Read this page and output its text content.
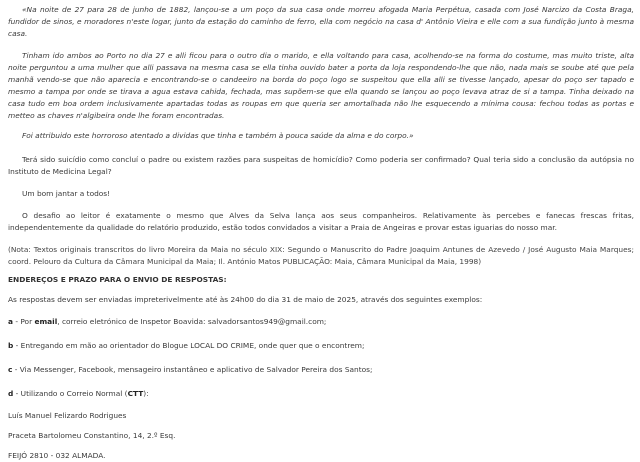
«Na noite de 27 para 28 de junho de 1882, lançou-se a um poço da sua casa onde morreu afogada Maria Perpétua, casada com José Narcizo da Costa Braga, fundidor de sinos, e moradores n'este logar, junto da estação do caminho de ferro, ella com negócio na casa d' Antônio Vieira e elle com a sua fundição junto à mesma casa.

Tinham ido ambos ao Porto no dia 27 e alli ficou para o outro dia o marido, e ella voltando para casa, acolhendo-se na forma do costume, mas muito triste, alta noite perguntou a uma mulher que alli passava na mesma casa se ella tinha ouvido bater a porta da loja respondendo-lhe que não, nada mais se soube até que pela manhã vendo-se que não aparecia e encontrando-se o candeeiro na borda do poço logo se suspeitou que ella alli se tivesse lançado, apesar do poço ser tapado e mesmo a tampa por onde se tirava a agua estava cahida, fechada, mas supõem-se que ella quando se lançou ao poço levava atraz de si a tampa. Tinha deixado na casa tudo em boa ordem inclusivamente apartadas todas as roupas em que queria ser amortalhada não lhe esquecendo a mínima cousa: fechou todas as portas e metteo as chaves n'algibeira onde lhe foram encontradas.

Foi attribuido este horroroso atentado a dividas que tinha e também à pouca saúde da alma e do corpo.»

Terá sido suicídio como concluí o padre ou existem razões para suspeitas de homicídio? Como poderia ser confirmado? Qual teria sido a conclusão da autópsia no Instituto de Medicina Legal?

Um bom jantar a todos!

O desafio ao leitor é exatamente o mesmo que Alves da Selva lança aos seus companheiros. Relativamente às percebes e fanecas frescas fritas, independentemente da qualidade do relatório produzido, estão todos convidados a visitar a Praia de Angeiras e provar estas iguarias do nosso mar.

(Nota: Textos originais transcritos do livro Moreira da Maia no século XIX: Segundo o Manuscrito do Padre Joaquim Antunes de Azevedo / José Augusto Maia Marques; coord. Pelouro da Cultura da Câmara Municipal da Maia; Il. António Matos PUBLICAÇÃO: Maia, Câmara Municipal da Maia, 1998)

ENDEREÇOS E PRAZO PARA O ENVIO DE RESPOSTAS:

As respostas devem ser enviadas impreterivelmente até às 24h00 do dia 31 de maio de 2025, através dos seguintes exemplos:

a - Por email, correio eletrónico de Inspetor Boavida: salvadorsantos949@gmail.com;

b - Entregando em mão ao orientador do Blogue LOCAL DO CRIME, onde quer que o encontrem;

c - Via Messenger, Facebook, mensageiro instantâneo e aplicativo de Salvador Pereira dos Santos;

d - Utilizando o Correio Normal (CTT):

Luís Manuel Felizardo Rodrigues

Praceta Bartolomeu Constantino, 14, 2.º Esq.

FEIJÓ 2810 - 032 ALMADA.
